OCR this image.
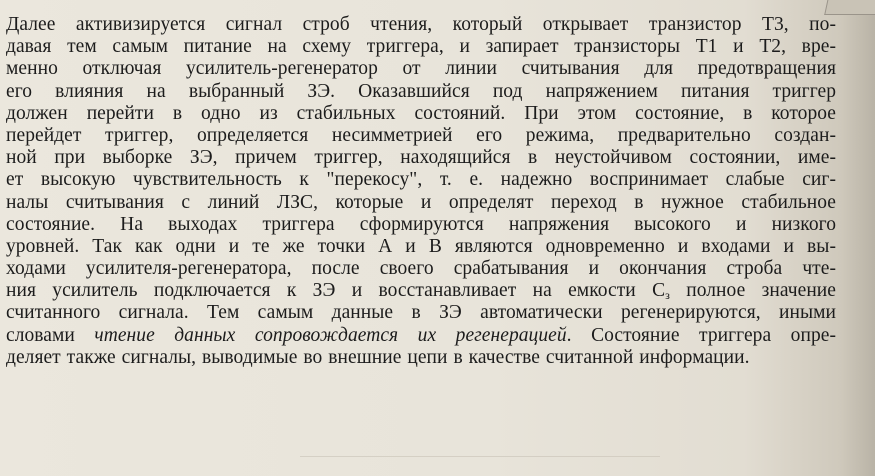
Далее активизируется сигнал строб чтения, который открывает транзистор Т3, по-
давая тем самым питание на схему триггера, и запирает транзисторы Т1 и Т2, вре-
менно отключая усилитель-регенератор от линии считывания для предотвращения
его влияния на выбранный ЗЭ. Оказавшийся под напряжением питания триггер
должен перейти в одно из стабильных состояний. При этом состояние, в которое
перейдет триггер, определяется несимметрией его режима, предварительно создан-
ной при выборке ЗЭ, причем триггер, находящийся в неустойчивом состоянии, име-
ет высокую чувствительность к "перекосу", т. е. надежно воспринимает слабые сиг-
налы считывания с линий ЛЗС, которые и определят переход в нужное стабильное
состояние. На выходах триггера сформируются напряжения высокого и низкого
уровней. Так как одни и те же точки А и В являются одновременно и входами и вы-
ходами усилителя-регенератора, после своего срабатывания и окончания строба чте-
ния усилитель подключается к ЗЭ и восстанавливает на емкости $С_з$ полное значение
считанного сигнала. Тем самым данные в ЗЭ автоматически регенерируются, иными
словами чтение данных сопровождается их регенерацией. Состояние триггера опре-
деляет также сигналы, выводимые во внешние цепи в качестве считанной информации.
